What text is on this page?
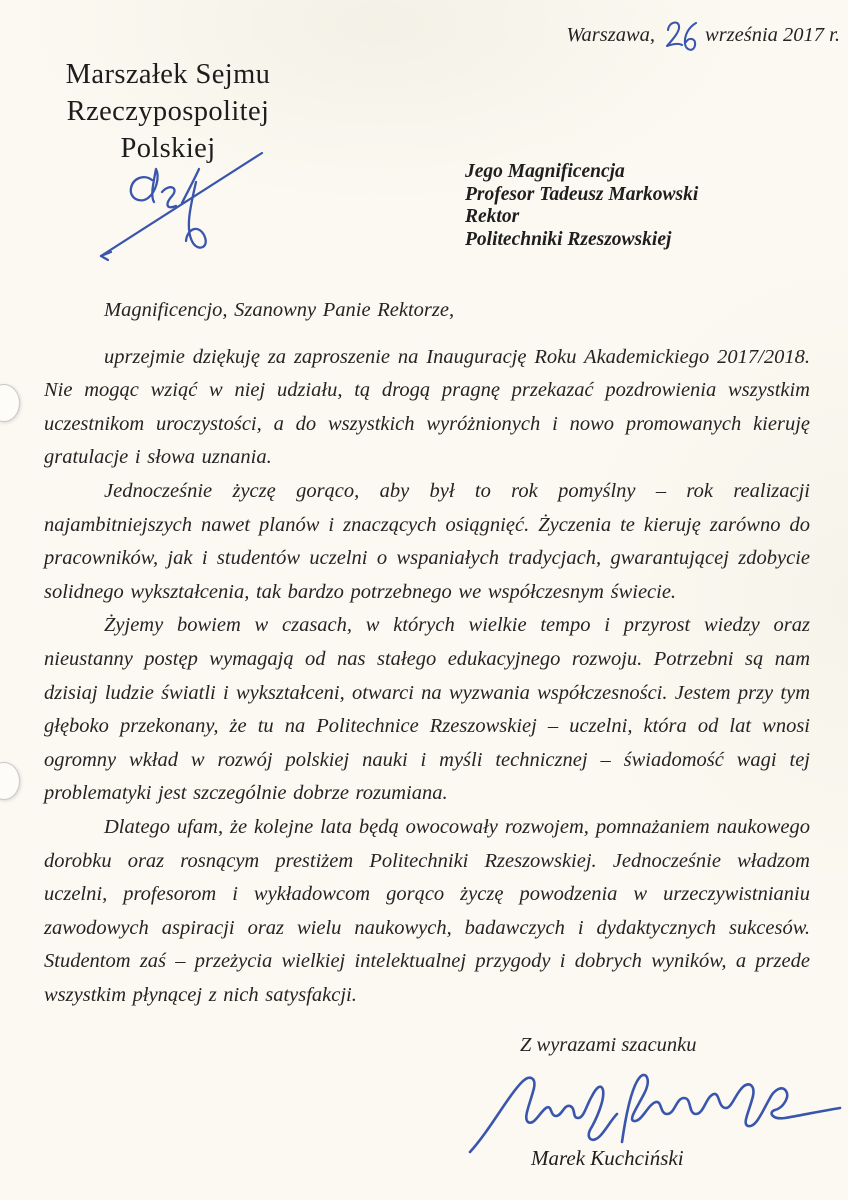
Warszawa, września 2017 r.
Marszałek Sejmu
Rzeczypospolitej Polskiej
Jego Magnificencja
Profesor Tadeusz Markowski
Rektor
Politechniki Rzeszowskiej

Magnificencjo, Szanowny Panie Rektorze,

uprzejmie dziękuję za zaproszenie na Inaugurację Roku Akademickiego 2017/2018. Nie mogąc wziąć w niej udziału, tą drogą pragnę przekazać pozdrowienia wszystkim uczestnikom uroczystości, a do wszystkich wyróżnionych i nowo promowanych kieruję gratulacje i słowa uznania.

Jednocześnie życzę gorąco, aby był to rok pomyślny – rok realizacji najambitniejszych nawet planów i znaczących osiągnięć. Życzenia te kieruję zarówno do pracowników, jak i studentów uczelni o wspaniałych tradycjach, gwarantującej zdobycie solidnego wykształcenia, tak bardzo potrzebnego we współczesnym świecie.

Żyjemy bowiem w czasach, w których wielkie tempo i przyrost wiedzy oraz nieustanny postęp wymagają od nas stałego edukacyjnego rozwoju. Potrzebni są nam dzisiaj ludzie światli i wykształceni, otwarci na wyzwania współczesności. Jestem przy tym głęboko przekonany, że tu na Politechnice Rzeszowskiej – uczelni, która od lat wnosi ogromny wkład w rozwój polskiej nauki i myśli technicznej – świadomość wagi tej problematyki jest szczególnie dobrze rozumiana.

Dlatego ufam, że kolejne lata będą owocowały rozwojem, pomnażaniem naukowego dorobku oraz rosnącym prestiżem Politechniki Rzeszowskiej. Jednocześnie władzom uczelni, profesorom i wykładowcom gorąco życzę powodzenia w urzeczywistnianiu zawodowych aspiracji oraz wielu naukowych, badawczych i dydaktycznych sukcesów. Studentom zaś – przeżycia wielkiej intelektualnej przygody i dobrych wyników, a przede wszystkim płynącej z nich satysfakcji.

Z wyrazami szacunku
Marek Kuchciński
